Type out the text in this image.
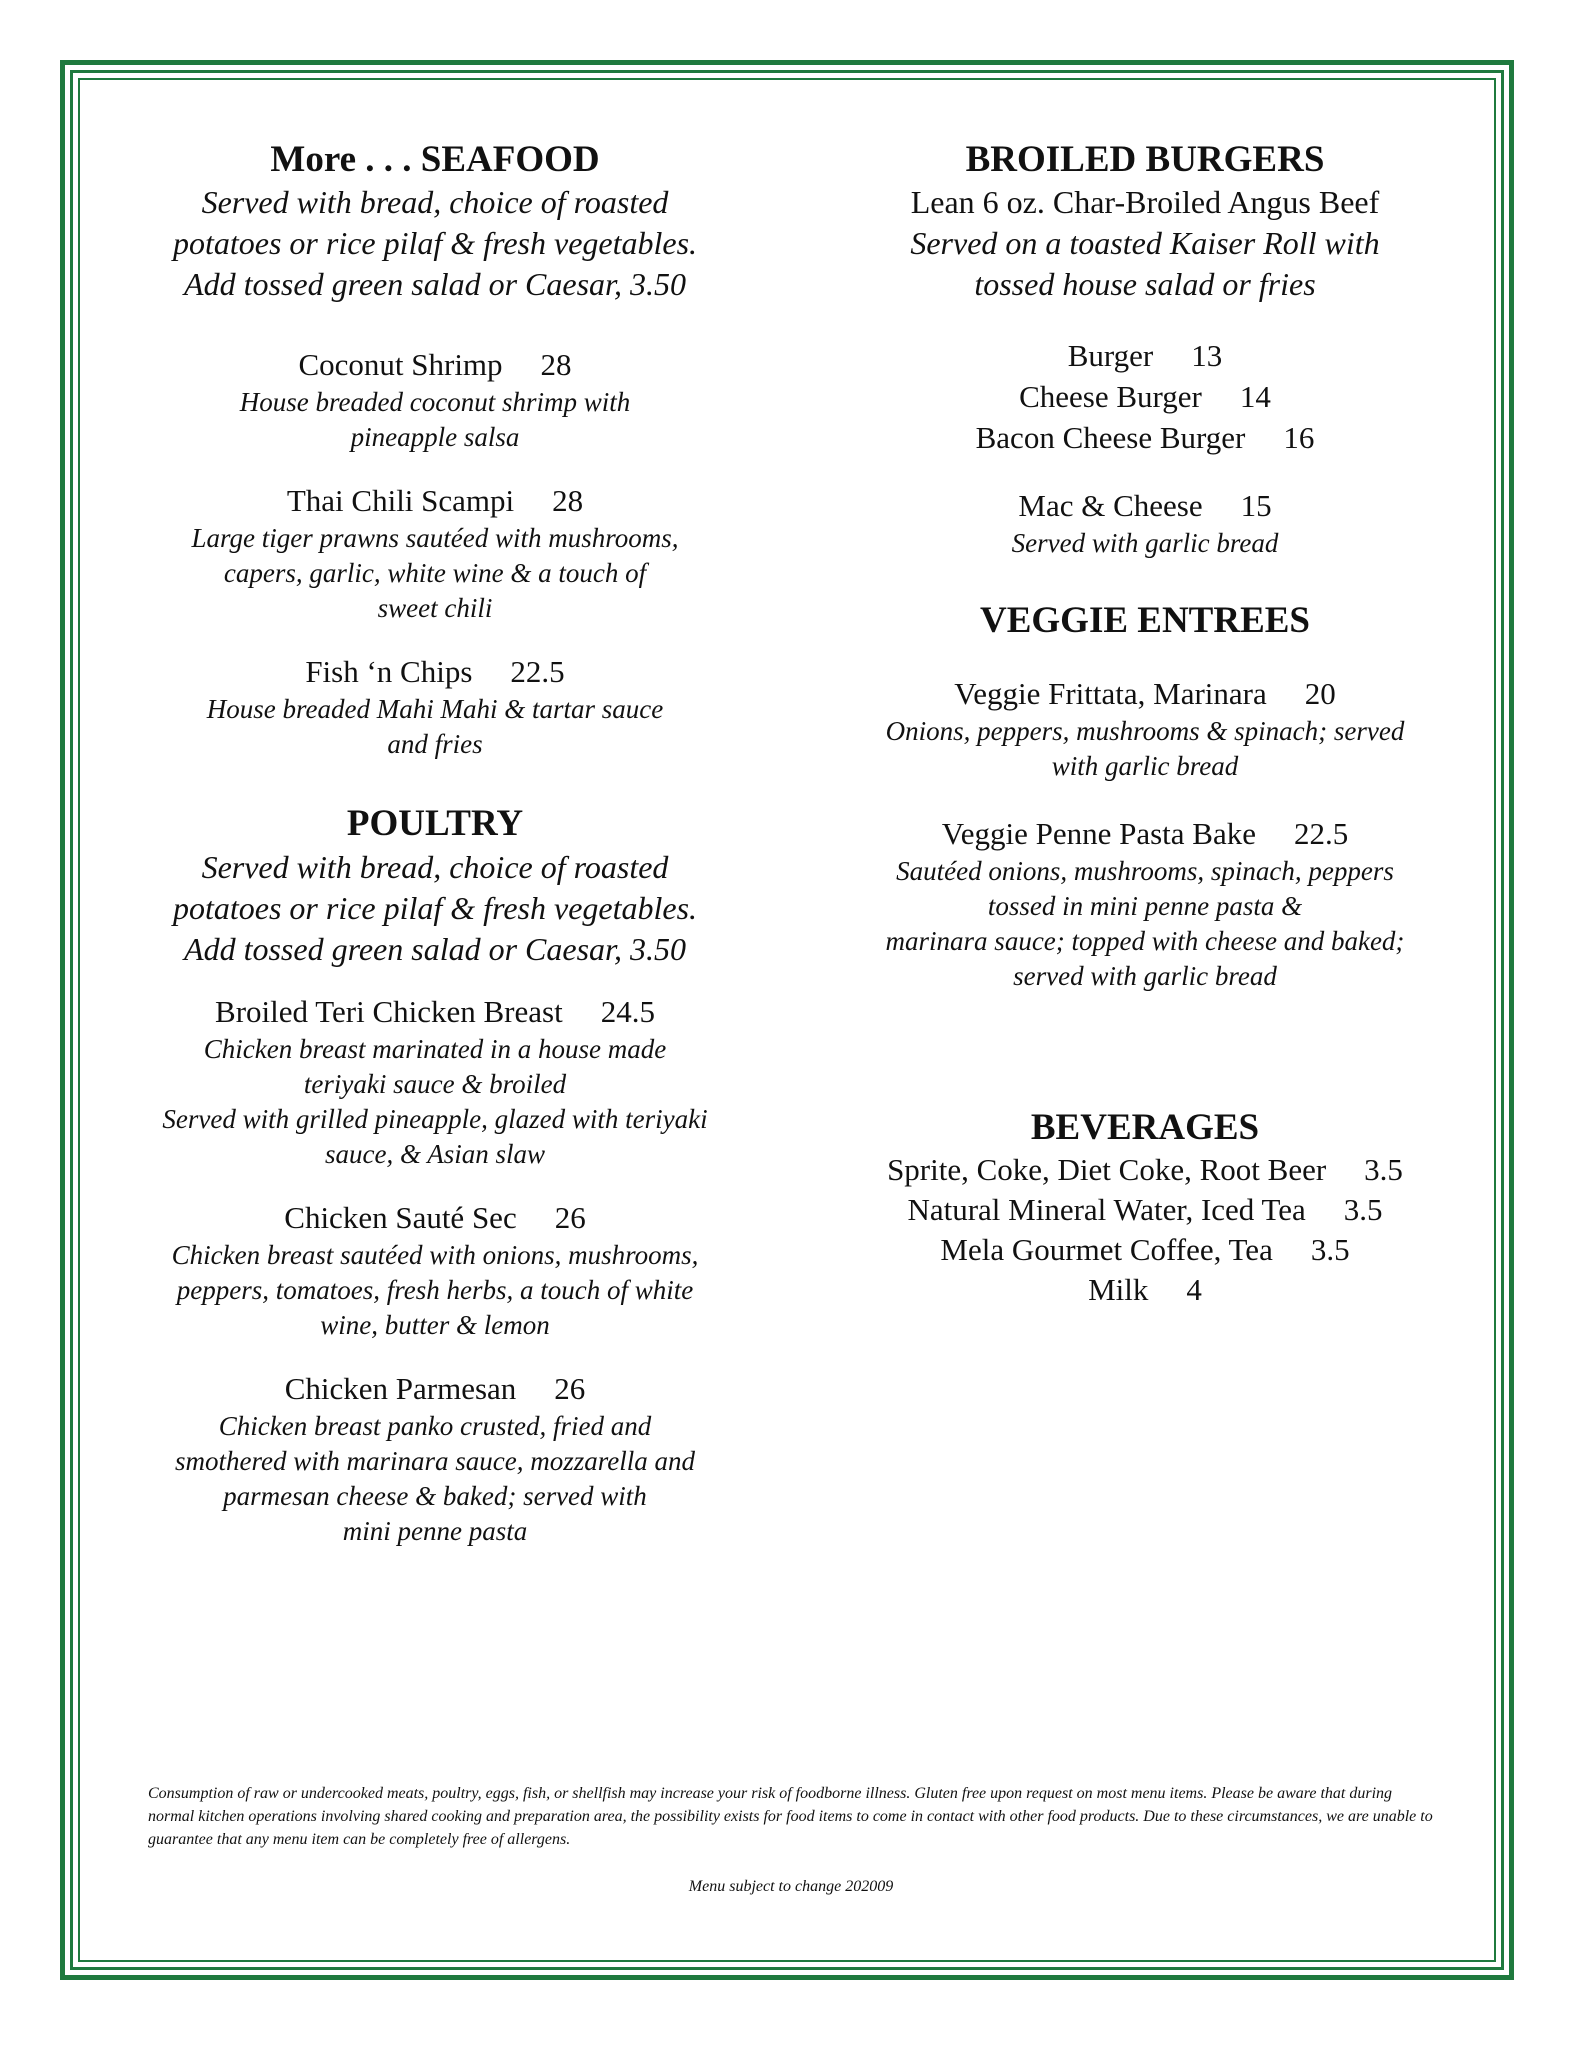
More . . . SEAFOOD
Served with bread, choice of roasted
potatoes or rice pilaf & fresh vegetables.
Add tossed green salad or Caesar, 3.50
Coconut Shrimp 28
House breaded coconut shrimp with
pineapple salsa
Thai Chili Scampi 28
Large tiger prawns sautéed with mushrooms,
capers, garlic, white wine & a touch of
sweet chili
Fish ‘n Chips 22.5
House breaded Mahi Mahi & tartar sauce
and fries
POULTRY
Served with bread, choice of roasted
potatoes or rice pilaf & fresh vegetables.
Add tossed green salad or Caesar, 3.50
Broiled Teri Chicken Breast 24.5
Chicken breast marinated in a house made
teriyaki sauce & broiled
Served with grilled pineapple, glazed with teriyaki
sauce, & Asian slaw
Chicken Sauté Sec 26
Chicken breast sautéed with onions, mushrooms,
peppers, tomatoes, fresh herbs, a touch of white
wine, butter & lemon
Chicken Parmesan 26
Chicken breast panko crusted, fried and
smothered with marinara sauce, mozzarella and
parmesan cheese & baked; served with
mini penne pasta
BROILED BURGERS
Lean 6 oz. Char-Broiled Angus Beef
Served on a toasted Kaiser Roll with
tossed house salad or fries
Burger 13
Cheese Burger 14
Bacon Cheese Burger 16
Mac & Cheese 15
Served with garlic bread
VEGGIE ENTREES
Veggie Frittata, Marinara 20
Onions, peppers, mushrooms & spinach; served
with garlic bread
Veggie Penne Pasta Bake 22.5
Sautéed onions, mushrooms, spinach, peppers
tossed in mini penne pasta &
marinara sauce; topped with cheese and baked;
served with garlic bread
BEVERAGES
Sprite, Coke, Diet Coke, Root Beer 3.5
Natural Mineral Water, Iced Tea 3.5
Mela Gourmet Coffee, Tea 3.5
Milk 4
Consumption of raw or undercooked meats, poultry, eggs, fish, or shellfish may increase your risk of foodborne illness. Gluten free upon request on most menu items. Please be aware that during normal kitchen operations involving shared cooking and preparation area, the possibility exists for food items to come in contact with other food products. Due to these circumstances, we are unable to guarantee that any menu item can be completely free of allergens.
Menu subject to change 202009
